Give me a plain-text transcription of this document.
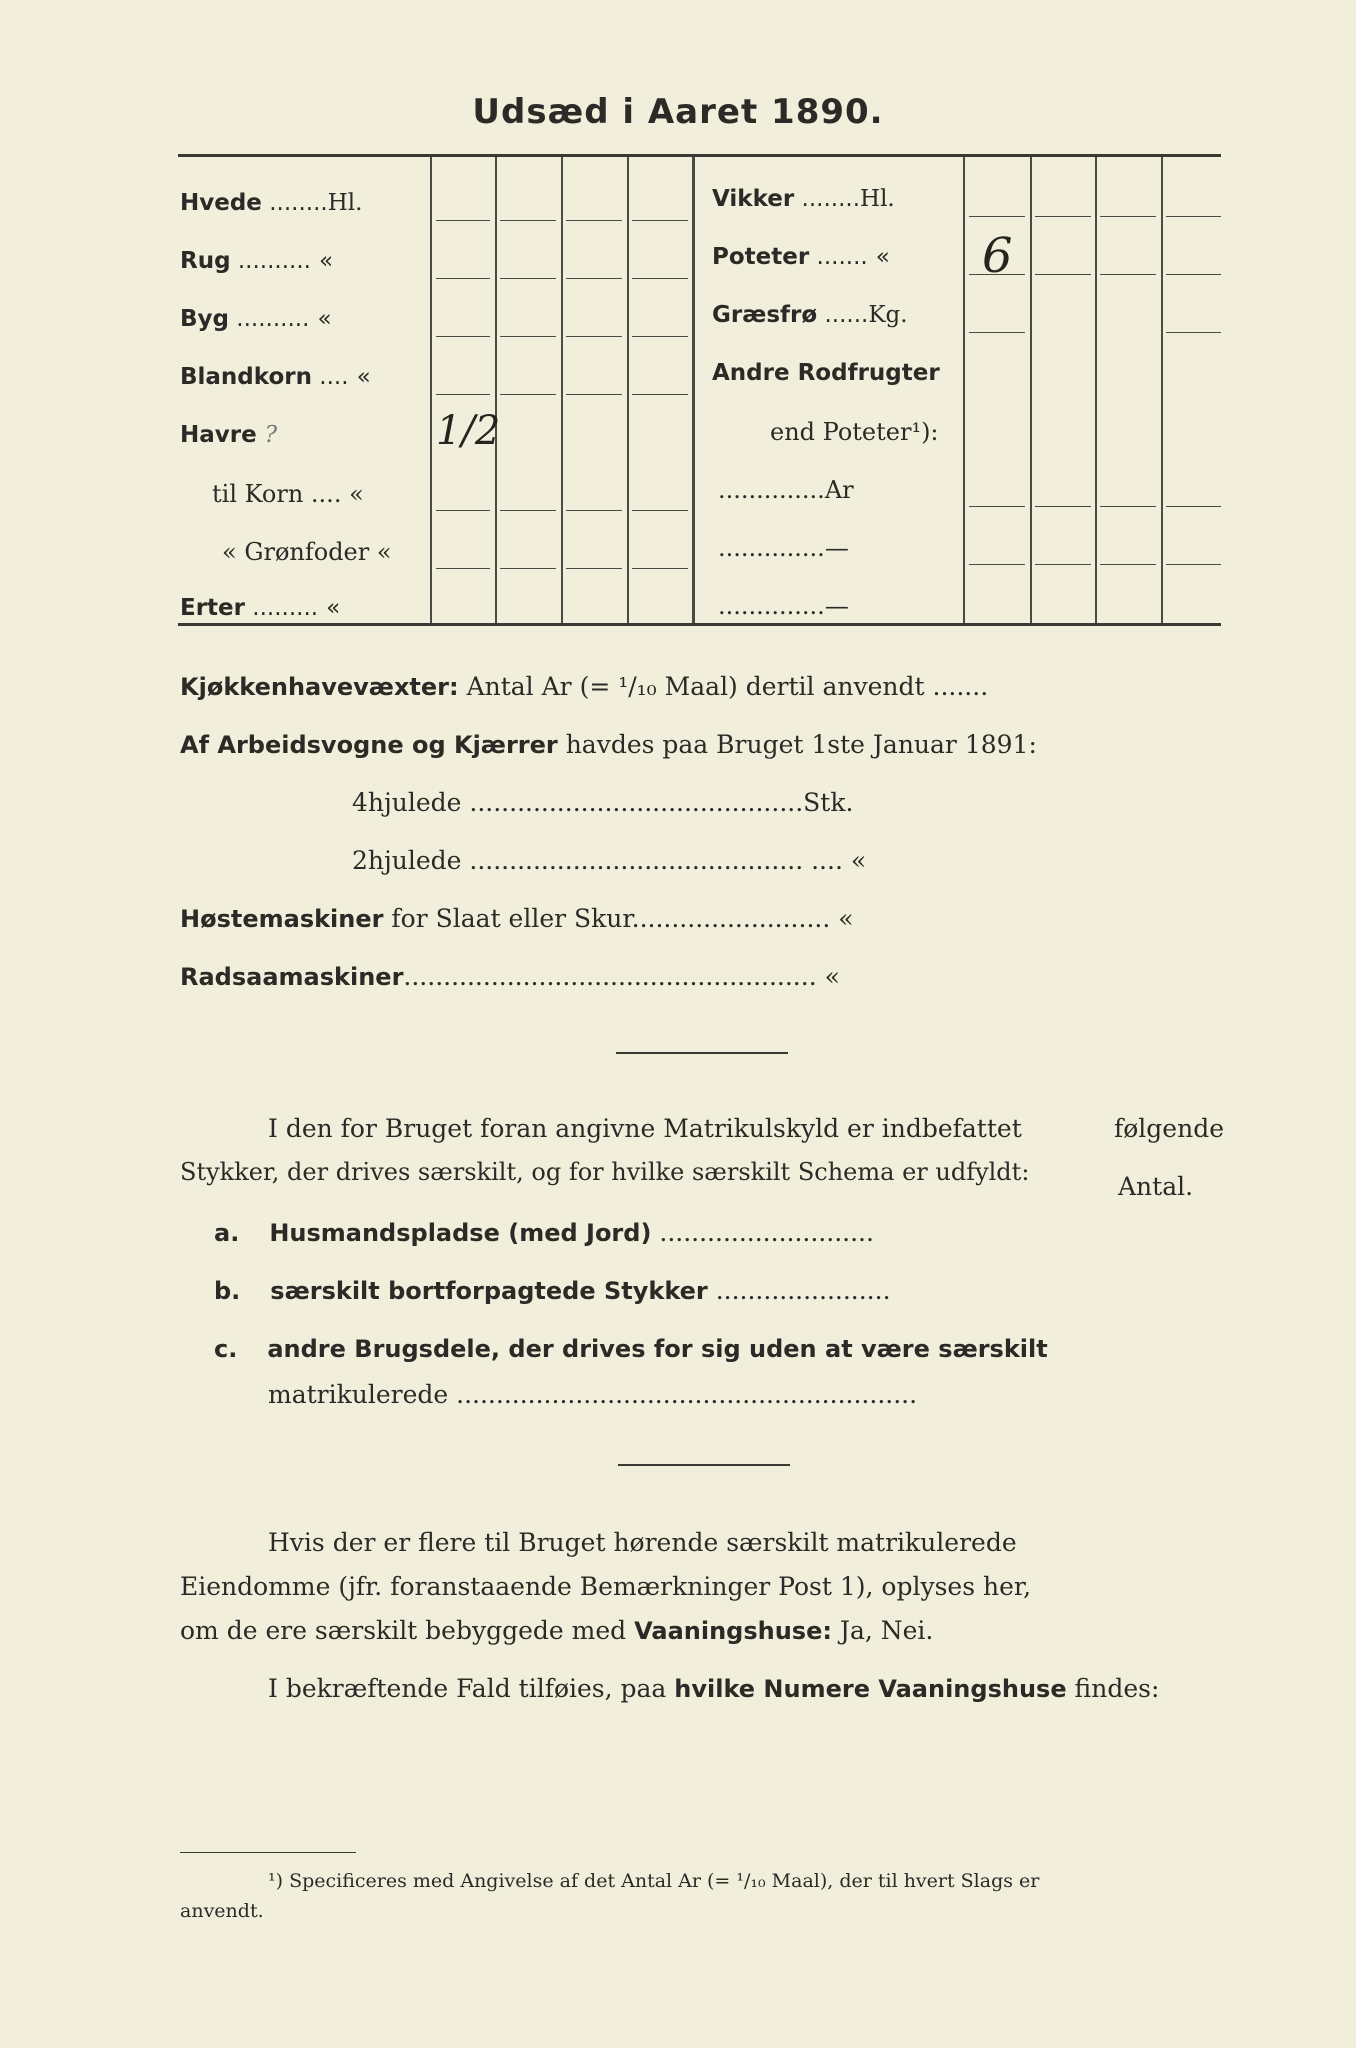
Udsæd i Aaret 1890.
Hvede ........Hl.
Rug .......... «
Byg .......... «
Blandkorn .... «
Havre ?
til Korn .... «
« Grønfoder «
Erter ......... «
1/2
Vikker ........Hl.
Poteter ....... «
Græsfrø ......Kg.
Andre Rodfrugter
end Poteter¹):
..............Ar
..............—
..............—
6
Kjøkkenhavevæxter: Antal Ar (= ¹/₁₀ Maal) dertil anvendt .......
Af Arbeidsvogne og Kjærrer havdes paa Bruget 1ste Januar 1891:
4hjulede ..........................................Stk.
2hjulede .......................................... .... «
Høstemaskiner for Slaat eller Skur......................... «
Radsaamaskiner.................................................... «
I den for Bruget foran angivne Matrikulskyld er indbefattet	følgende
Stykker, der drives særskilt, og for hvilke særskilt Schema er udfyldt:	Antal.
a. Husmandspladse (med Jord) ...........................
b. særskilt bortforpagtede Stykker ......................
c. andre Brugsdele, der drives for sig uden at være særskilt
matrikulerede ..........................................................
Hvis der er flere til Bruget hørende særskilt matrikulerede
Eiendomme (jfr. foranstaaende Bemærkninger Post 1), oplyses her,
om de ere særskilt bebyggede med Vaaningshuse: Ja, Nei.
I bekræftende Fald tilføies, paa hvilke Numere Vaaningshuse findes:
¹) Specificeres med Angivelse af det Antal Ar (= ¹/₁₀ Maal), der til hvert Slags er
anvendt.
